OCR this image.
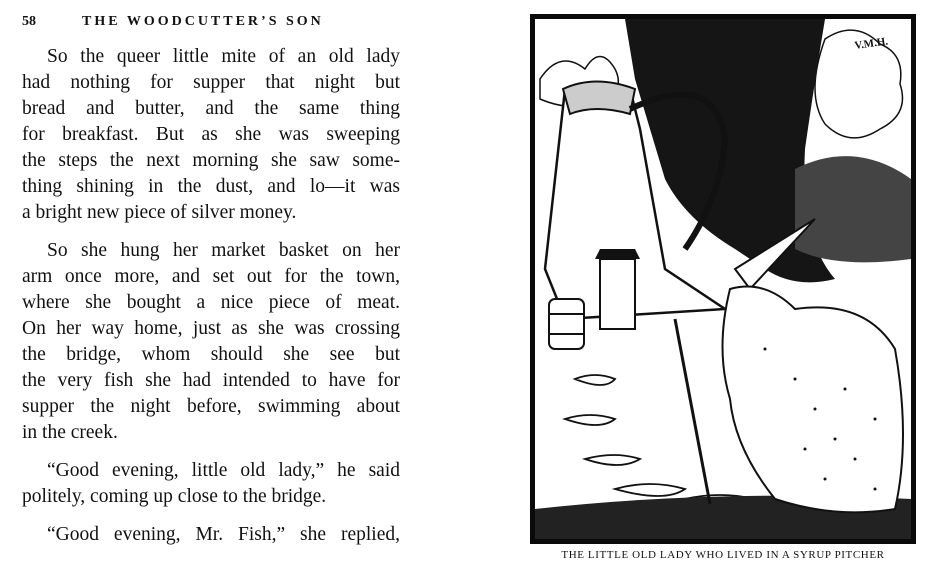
58	THE WOODCUTTER’S SON
So the queer little mite of an old lady
had nothing for supper that night but
bread and butter, and the same thing
for breakfast. But as she was sweeping
the steps the next morning she saw some-
thing shining in the dust, and lo—it was
a bright new piece of silver money.
So she hung her market basket on her
arm once more, and set out for the town,
where she bought a nice piece of meat.
On her way home, just as she was crossing
the bridge, whom should she see but
the very fish she had intended to have for
supper the night before, swimming about
in the creek.
“Good evening, little old lady,” he said
politely, coming up close to the bridge.
“Good evening, Mr. Fish,” she replied,
V.M.H.
THE LITTLE OLD LADY WHO LIVED IN A SYRUP PITCHER
